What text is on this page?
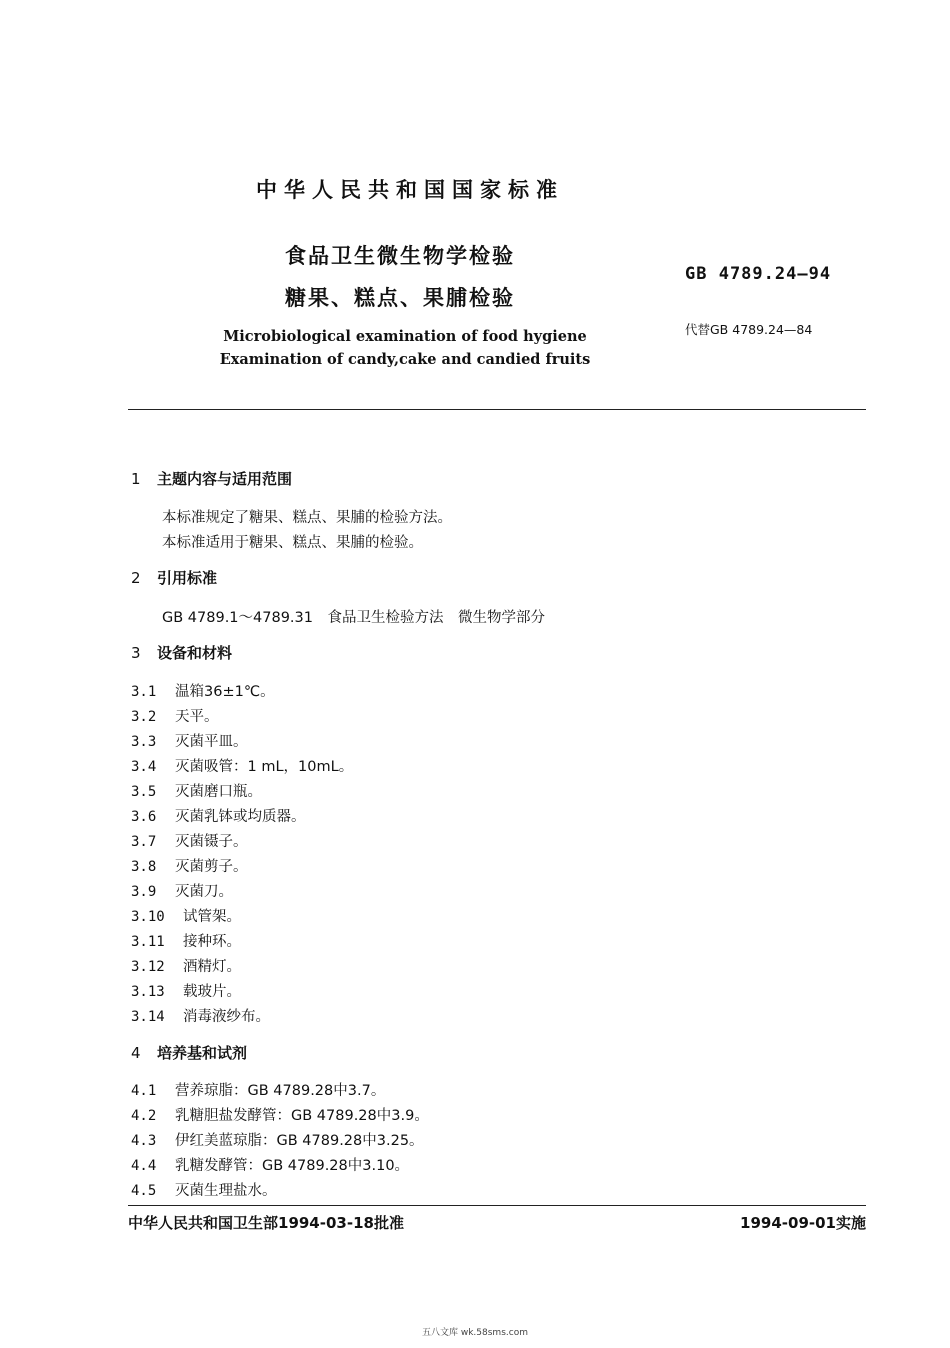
中华人民共和国国家标准
食品卫生微生物学检验
糖果、糕点、果脯检验
Microbiological examination of food hygiene
Examination of candy,cake and candied fruits
GB 4789.24—94
代替GB 4789.24—84
1 主题内容与适用范围
本标准规定了糖果、糕点、果脯的检验方法。
本标准适用于糖果、糕点、果脯的检验。
2 引用标准
GB 4789.1～4789.31　食品卫生检验方法　微生物学部分
3 设备和材料
3.1 温箱36±1℃。
3.2 天平。
3.3 灭菌平皿。
3.4 灭菌吸管：1 mL，10mL。
3.5 灭菌磨口瓶。
3.6 灭菌乳钵或均质器。
3.7 灭菌镊子。
3.8 灭菌剪子。
3.9 灭菌刀。
3.10 试管架。
3.11 接种环。
3.12 酒精灯。
3.13 载玻片。
3.14 消毒液纱布。
4 培养基和试剂
4.1 营养琼脂：GB 4789.28中3.7。
4.2 乳糖胆盐发酵管：GB 4789.28中3.9。
4.3 伊红美蓝琼脂：GB 4789.28中3.25。
4.4 乳糖发酵管：GB 4789.28中3.10。
4.5 灭菌生理盐水。
中华人民共和国卫生部1994-03-18批准	1994-09-01实施
五八文库 wk.58sms.com
